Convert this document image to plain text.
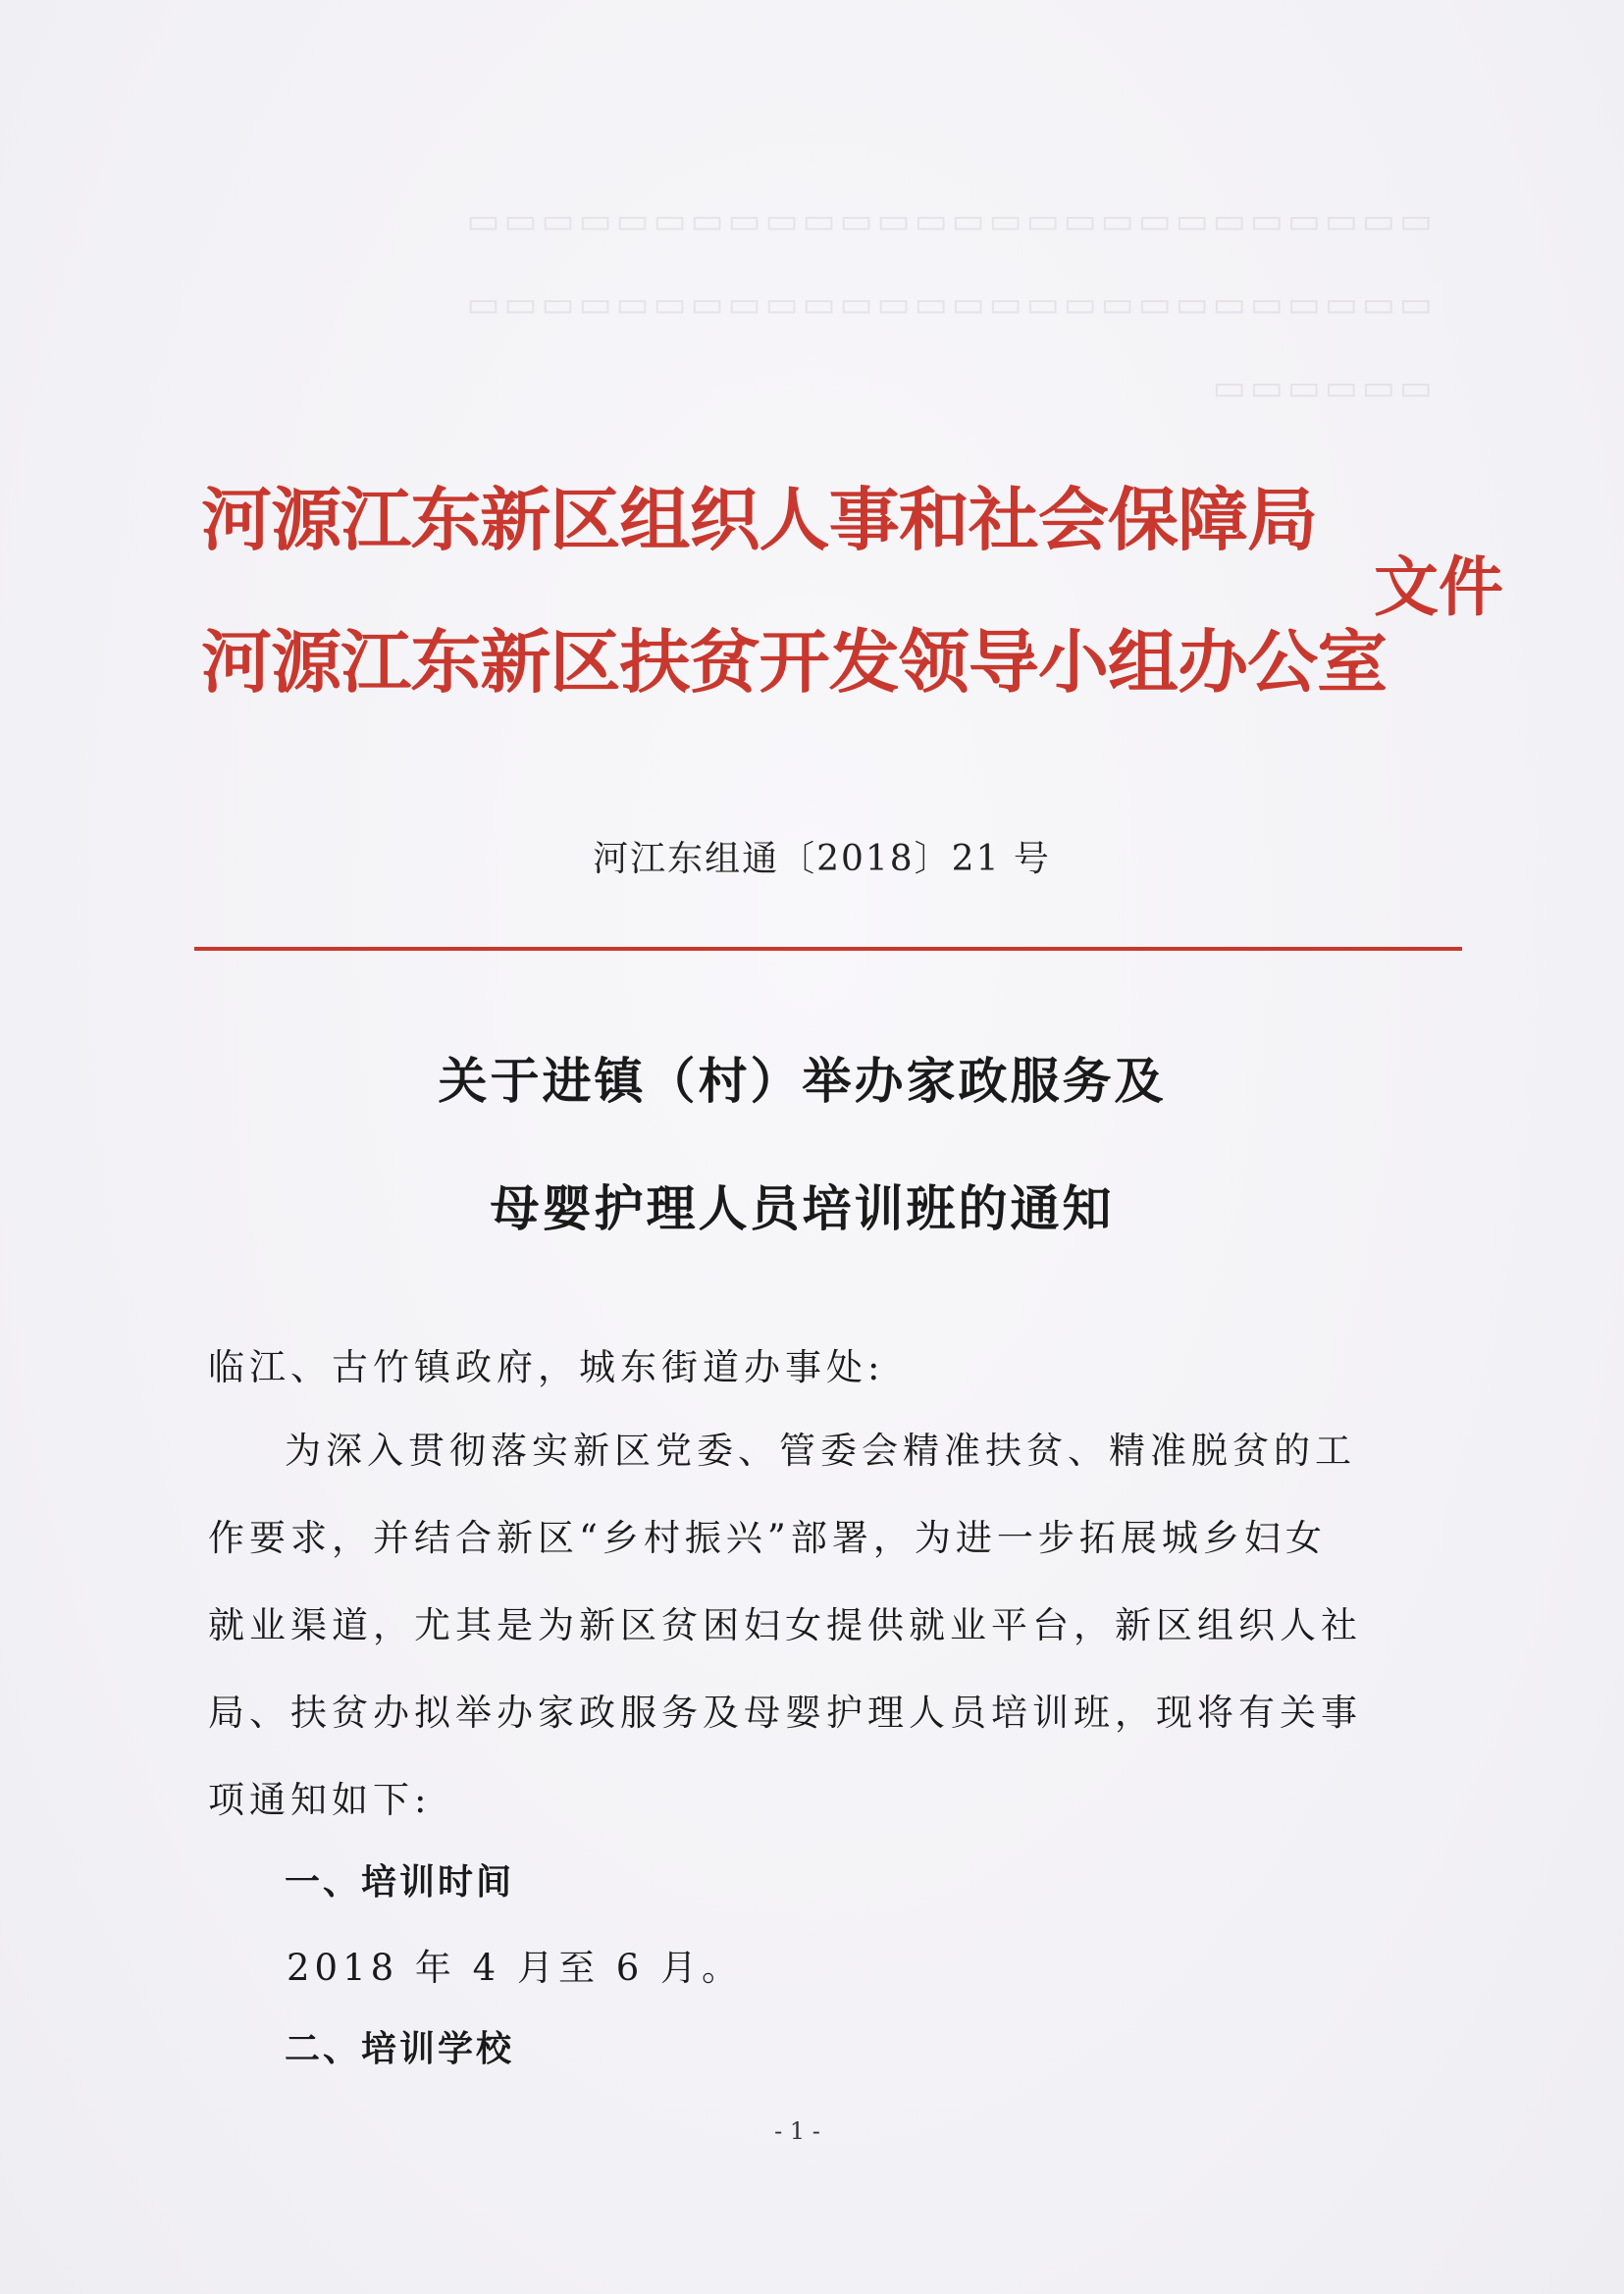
▭▭▭▭▭▭▭▭▭▭▭▭▭▭▭▭▭▭▭▭▭▭▭▭▭▭
▭▭▭▭▭▭▭▭▭▭▭▭▭▭▭▭▭▭▭▭▭▭▭▭▭▭
▭▭▭▭▭▭
河源江东新区组织人事和社会保障局
河源江东新区扶贫开发领导小组办公室
文件
河江东组通〔2018〕21 号
关于进镇（村）举办家政服务及
母婴护理人员培训班的通知
临江、古竹镇政府，城东街道办事处:
为深入贯彻落实新区党委、管委会精准扶贫、精准脱贫的工
作要求，并结合新区“乡村振兴”部署，为进一步拓展城乡妇女
就业渠道，尤其是为新区贫困妇女提供就业平台，新区组织人社
局、扶贫办拟举办家政服务及母婴护理人员培训班，现将有关事
项通知如下:
一、培训时间
2018 年 4 月至 6 月。
二、培训学校
- 1 -
